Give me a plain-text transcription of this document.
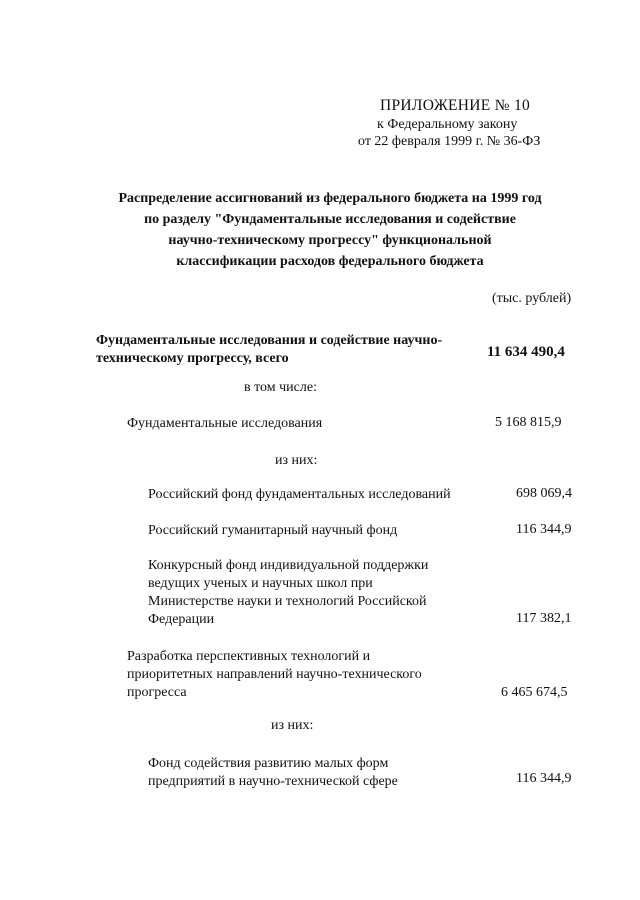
ПРИЛОЖЕНИЕ № 10
к Федеральному закону
от 22 февраля 1999 г. № 36-ФЗ
Распределение ассигнований из федерального бюджета на 1999 год
по разделу "Фундаментальные исследования и содействие
научно-техническому прогрессу" функциональной
классификации расходов федерального бюджета
(тыс. рублей)
Фундаментальные исследования и содействие научно-
техническому прогрессу, всего	11 634 490,4
в том числе:
Фундаментальные исследования	5 168 815,9
из них:
Российский фонд фундаментальных исследований	698 069,4
Российский гуманитарный научный фонд	116 344,9
Конкурсный фонд индивидуальной поддержки
ведущих ученых и научных школ при
Министерстве науки и технологий Российской
Федерации	117 382,1
Разработка перспективных технологий и
приоритетных направлений научно-технического
прогресса	6 465 674,5
из них:
Фонд содействия развитию малых форм
предприятий в научно-технической сфере	116 344,9
